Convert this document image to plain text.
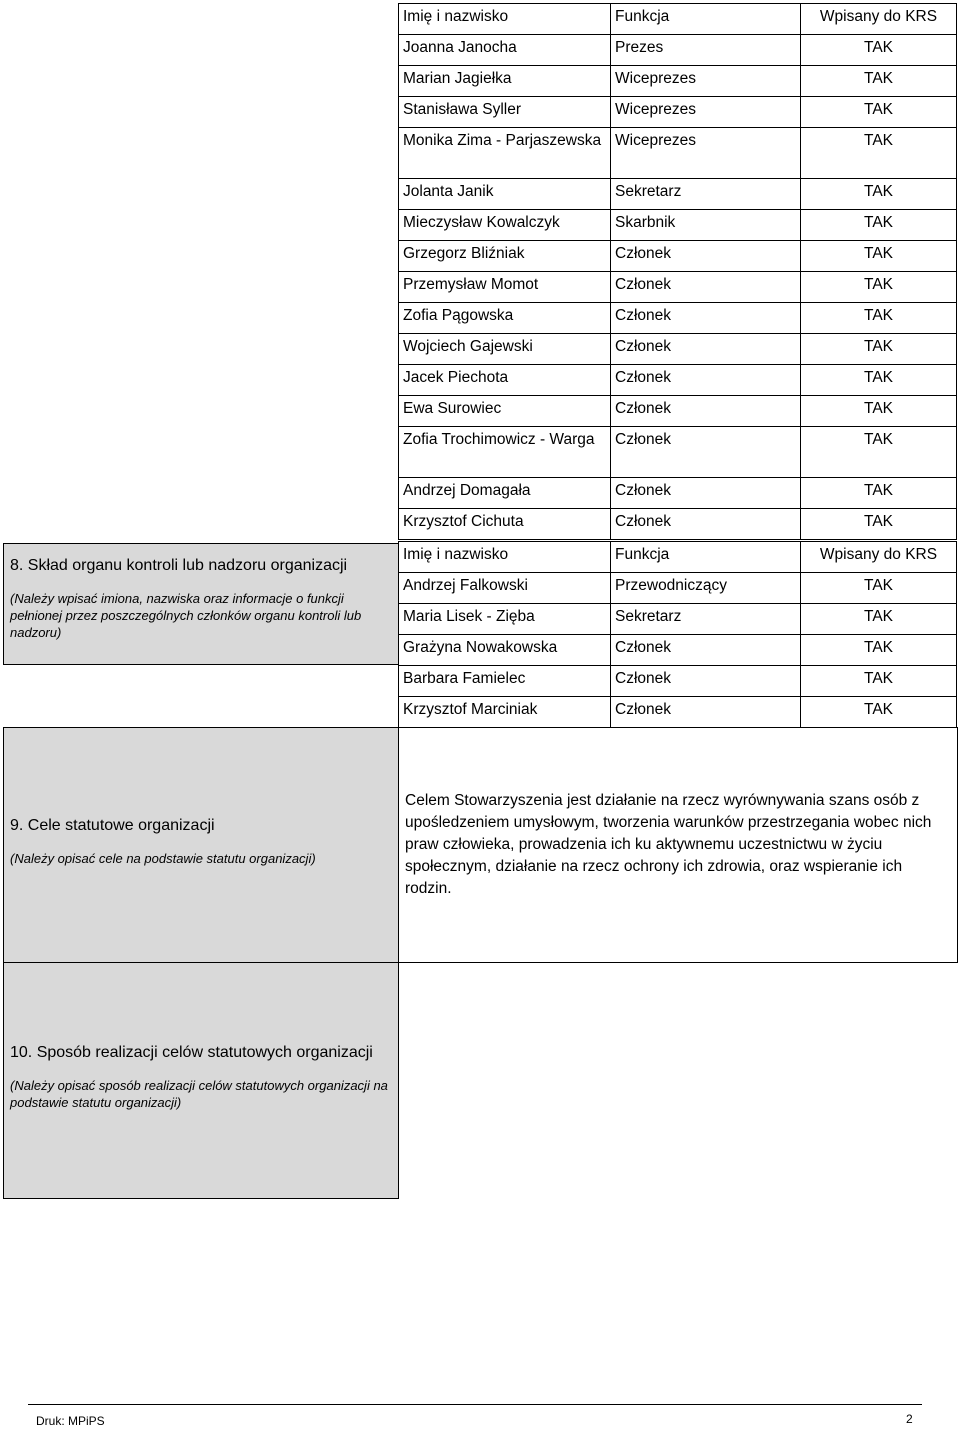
Imię i nazwisko	Funkcja	Wpisany do KRS
Joanna Janocha	Prezes	TAK
Marian Jagiełka	Wiceprezes	TAK
Stanisława Syller	Wiceprezes	TAK
Monika Zima - Parjaszewska	Wiceprezes	TAK
Jolanta Janik	Sekretarz	TAK
Mieczysław Kowalczyk	Skarbnik	TAK
Grzegorz Bliźniak	Członek	TAK
Przemysław Momot	Członek	TAK
Zofia Pągowska	Członek	TAK
Wojciech Gajewski	Członek	TAK
Jacek Piechota	Członek	TAK
Ewa Surowiec	Członek	TAK
Zofia Trochimowicz - Warga	Członek	TAK
Andrzej Domagała	Członek	TAK
Krzysztof Cichuta	Członek	TAK
8. Skład organu kontroli lub nadzoru organizacji
(Należy wpisać imiona, nazwiska oraz informacje o funkcji pełnionej przez poszczególnych członków organu kontroli lub nadzoru)
Imię i nazwisko	Funkcja	Wpisany do KRS
Andrzej Falkowski	Przewodniczący	TAK
Maria Lisek - Zięba	Sekretarz	TAK
Grażyna Nowakowska	Członek	TAK
Barbara Famielec	Członek	TAK
Krzysztof Marciniak	Członek	TAK
9. Cele statutowe organizacji
(Należy opisać cele na podstawie statutu organizacji)
Celem Stowarzyszenia jest działanie na rzecz wyrównywania szans osób z upośledzeniem umysłowym, tworzenia warunków przestrzegania wobec nich praw człowieka, prowadzenia ich ku aktywnemu uczestnictwu w życiu społecznym, działanie na rzecz ochrony ich zdrowia, oraz wspieranie ich rodzin.
10. Sposób realizacji celów statutowych organizacji
(Należy opisać sposób realizacji celów statutowych organizacji na podstawie statutu organizacji)
Druk: MPiPS	2
